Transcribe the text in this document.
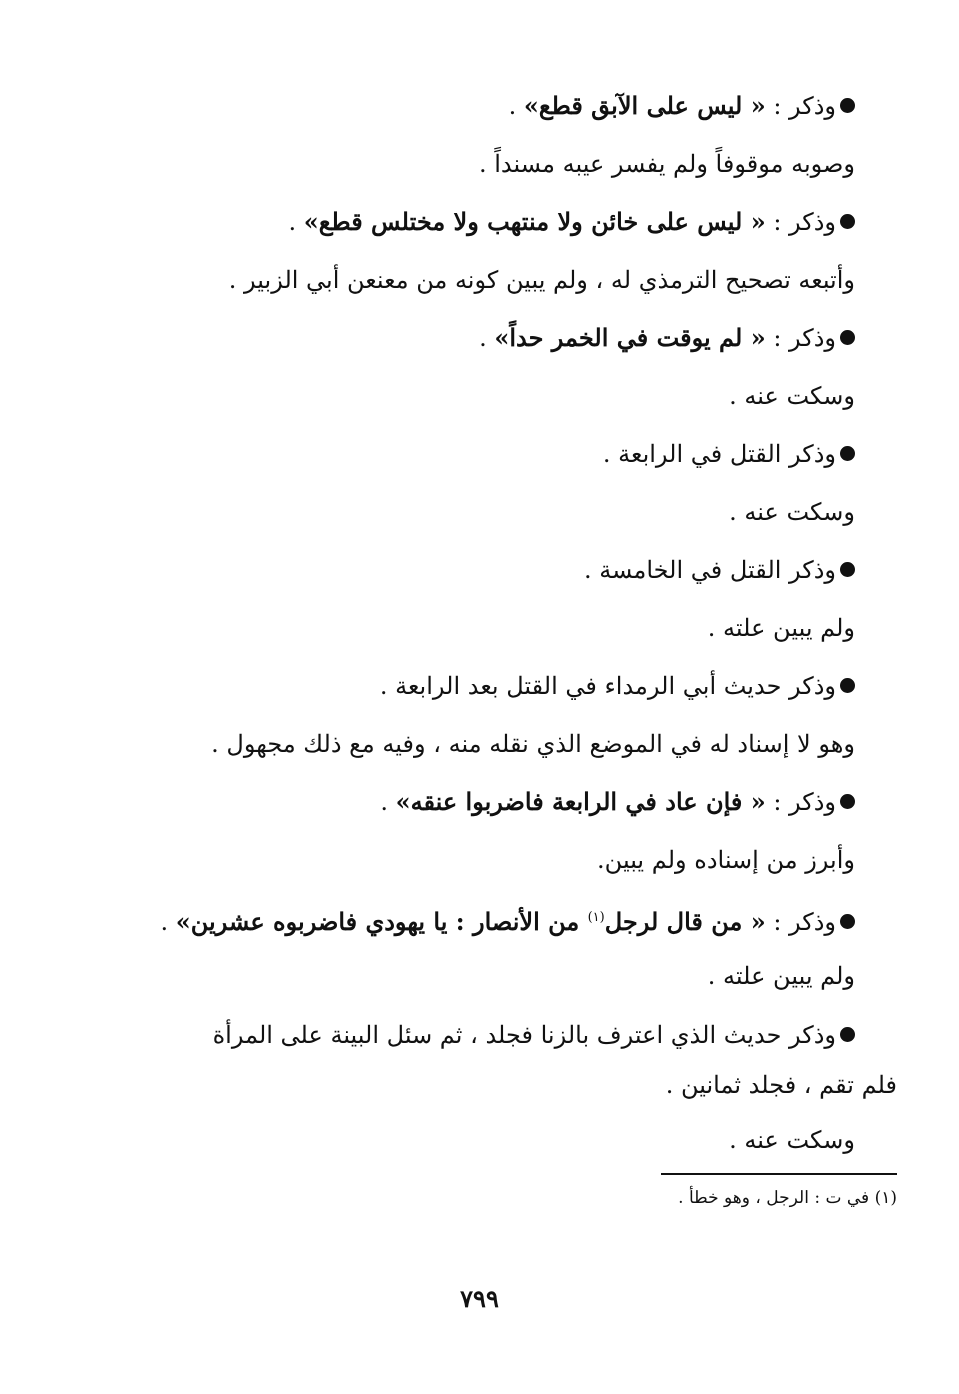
وذكر : « ليس على الآبق قطع» .
وصوبه موقوفاً ولم يفسر عيبه مسنداً .
وذكر : « ليس على خائن ولا منتهب ولا مختلس قطع» .
وأتبعه تصحيح الترمذي له ، ولم يبين كونه من معنعن أبي الزبير .
وذكر : « لم يوقت في الخمر حداً» .
وسكت عنه .
وذكر القتل في الرابعة .
وسكت عنه .
وذكر القتل في الخامسة .
ولم يبين علته .
وذكر حديث أبي الرمداء في القتل بعد الرابعة .
وهو لا إسناد له في الموضع الذي نقله منه ، وفيه مع ذلك مجهول .
وذكر : « فإن عاد في الرابعة فاضربوا عنقه» .
وأبرز من إسناده ولم يبين.
وذكر : « من قال لرجل$^{(١)}$ من الأنصار : يا يهودي فاضربوه عشرين» .
ولم يبين علته .
وذكر حديث الذي اعترف بالزنا فجلد ، ثم سئل البينة على المرأة فلم تقم ، فجلد ثمانين .
وسكت عنه .
(١) في ت : الرجل ، وهو خطأ .
٧٩٩
